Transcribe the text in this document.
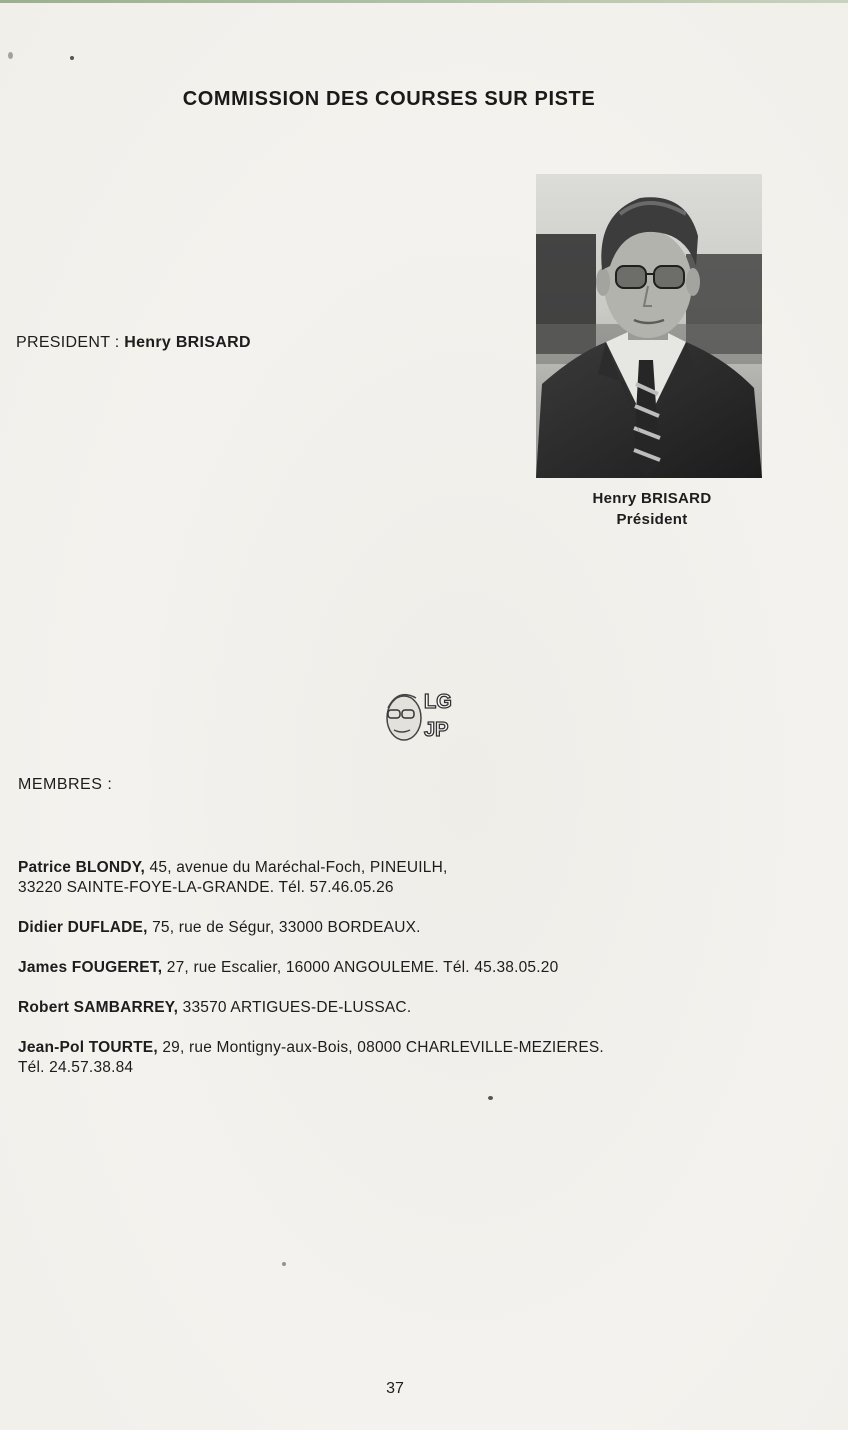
COMMISSION DES COURSES SUR PISTE
PRESIDENT : Henry BRISARD
Henry BRISARD
Président
LG
JP
MEMBRES :
Patrice BLONDY, 45, avenue du Maréchal-Foch, PINEUILH,
33220 SAINTE-FOYE-LA-GRANDE. Tél. 57.46.05.26
Didier DUFLADE, 75, rue de Ségur, 33000 BORDEAUX.
James FOUGERET, 27, rue Escalier, 16000 ANGOULEME. Tél. 45.38.05.20
Robert SAMBARREY, 33570 ARTIGUES-DE-LUSSAC.
Jean-Pol TOURTE, 29, rue Montigny-aux-Bois, 08000 CHARLEVILLE-MEZIERES.
Tél. 24.57.38.84
37
